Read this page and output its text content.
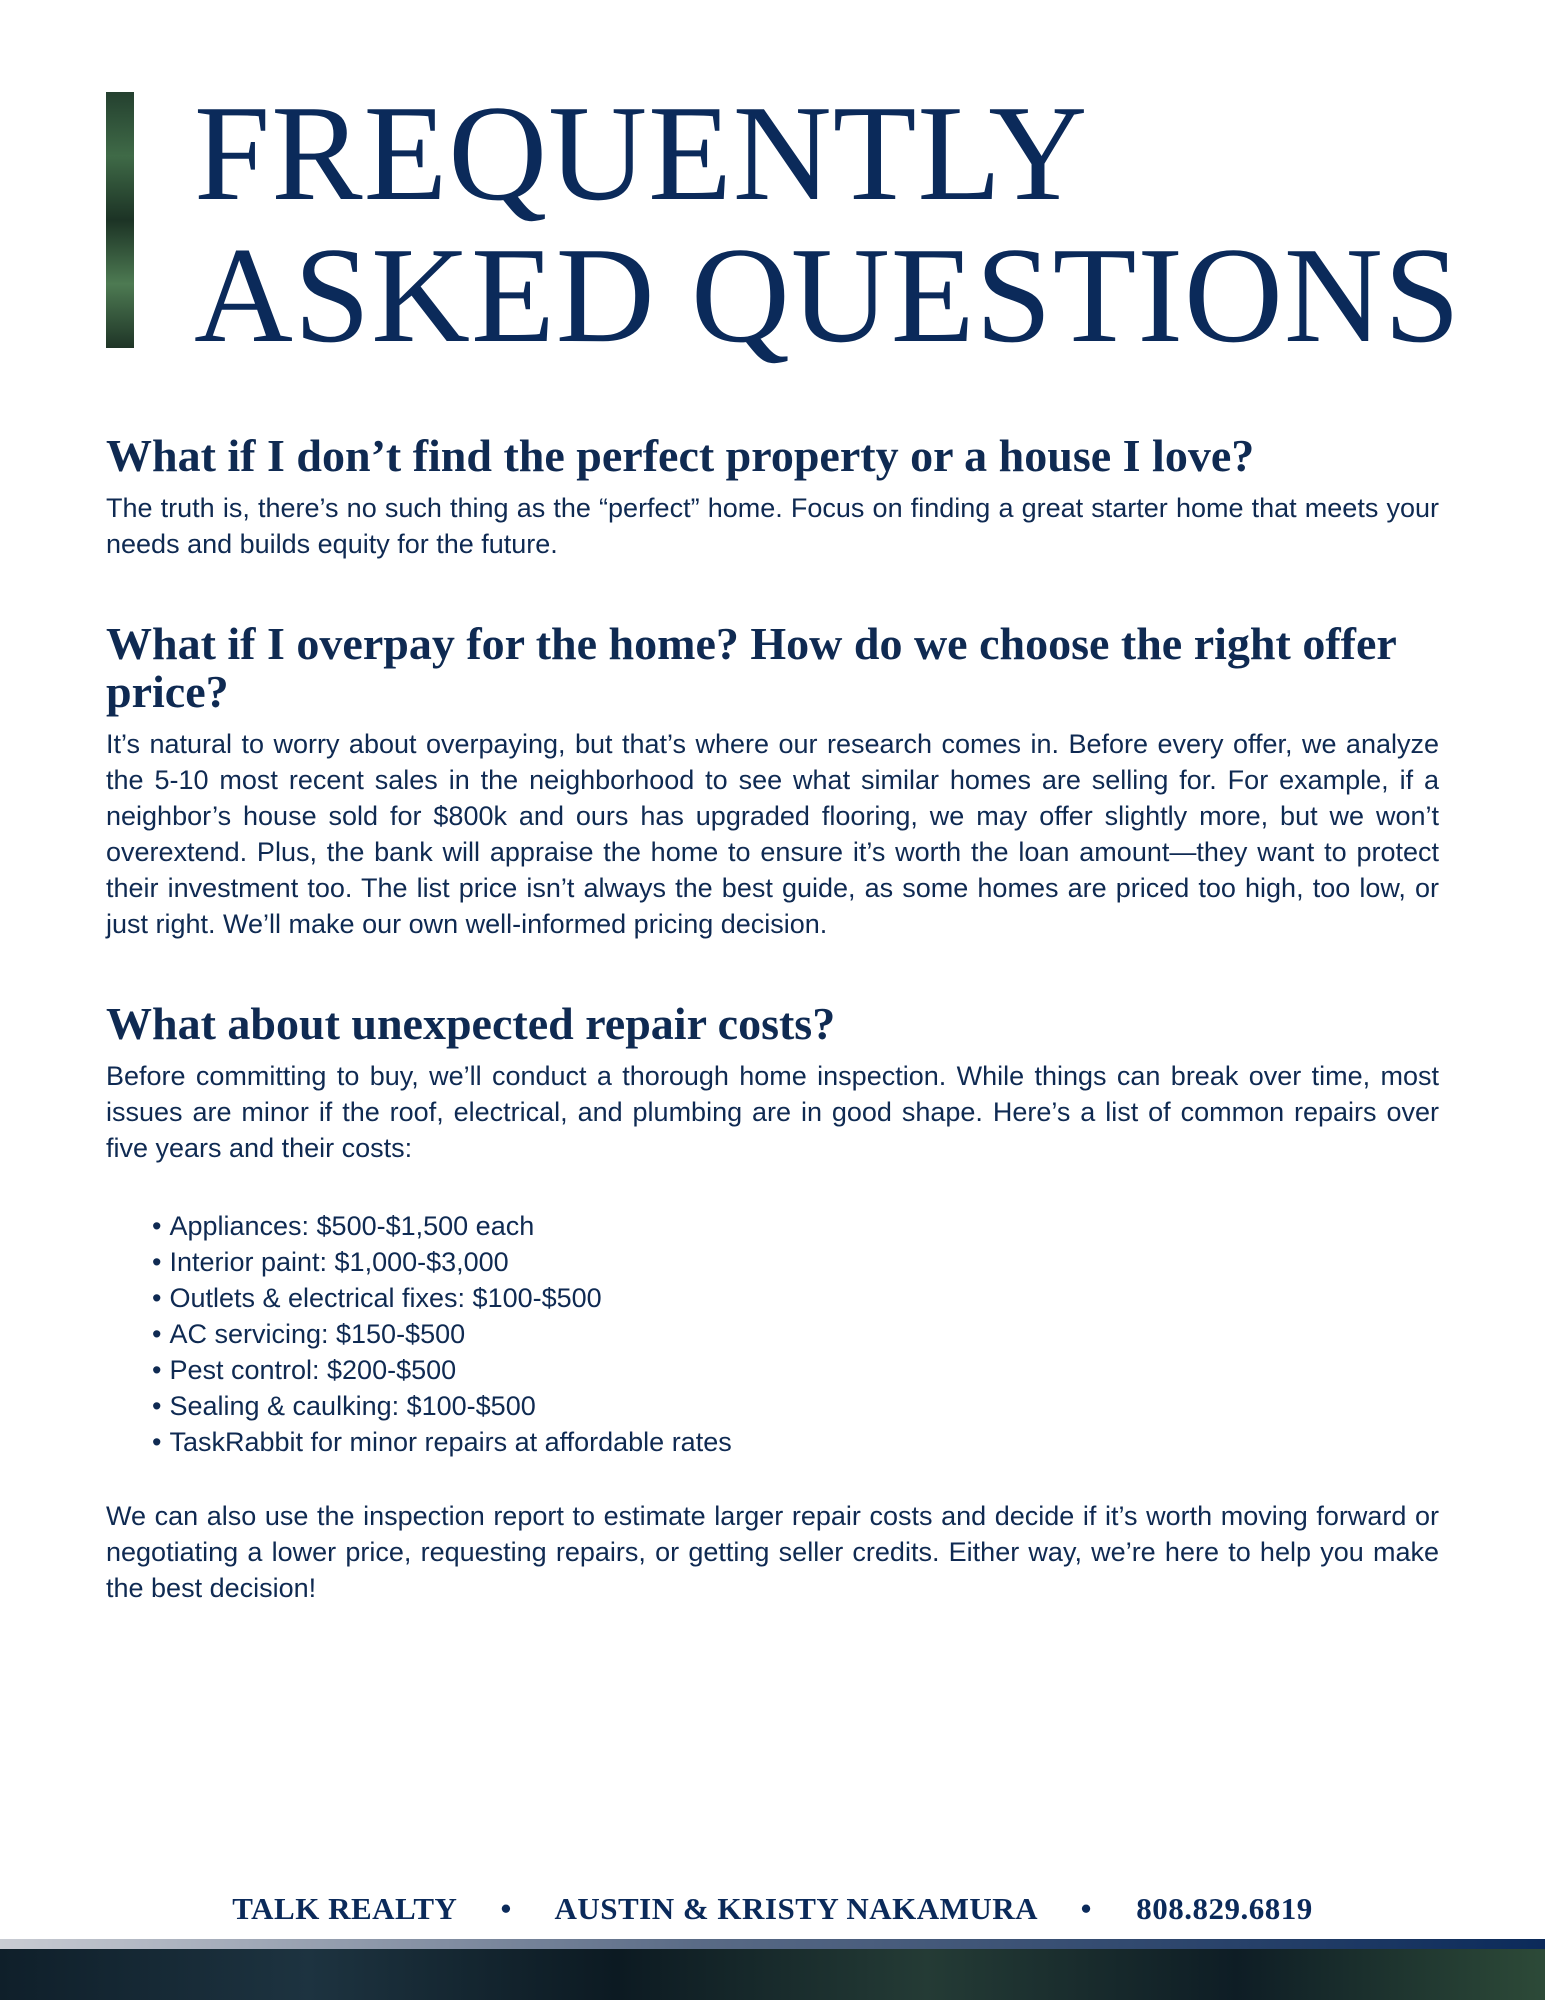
FREQUENTLY
ASKED QUESTIONS
What if I don’t find the perfect property or a house I love?

The truth is, there’s no such thing as the “perfect” home. Focus on finding a great starter home that meets your needs and builds equity for the future.

What if I overpay for the home? How do we choose the right offer price?

It’s natural to worry about overpaying, but that’s where our research comes in. Before every offer, we analyze the 5-10 most recent sales in the neighborhood to see what similar homes are selling for. For example, if a neighbor’s house sold for $800k and ours has upgraded flooring, we may offer slightly more, but we won’t overextend. Plus, the bank will appraise the home to ensure it’s worth the loan amount—they want to protect their investment too. The list price isn’t always the best guide, as some homes are priced too high, too low, or just right. We’ll make our own well-informed pricing decision.

What about unexpected repair costs?

Before committing to buy, we’ll conduct a thorough home inspection. While things can break over time, most issues are minor if the roof, electrical, and plumbing are in good shape. Here’s a list of common repairs over five years and their costs:

• Appliances: $500-$1,500 each
• Interior paint: $1,000-$3,000
• Outlets & electrical fixes: $100-$500
• AC servicing: $150-$500
• Pest control: $200-$500
• Sealing & caulking: $100-$500
• TaskRabbit for minor repairs at affordable rates

We can also use the inspection report to estimate larger repair costs and decide if it’s worth moving forward or negotiating a lower price, requesting repairs, or getting seller credits. Either way, we’re here to help you make the best decision!

TALK REALTY • AUSTIN & KRISTY NAKAMURA • 808.829.6819
